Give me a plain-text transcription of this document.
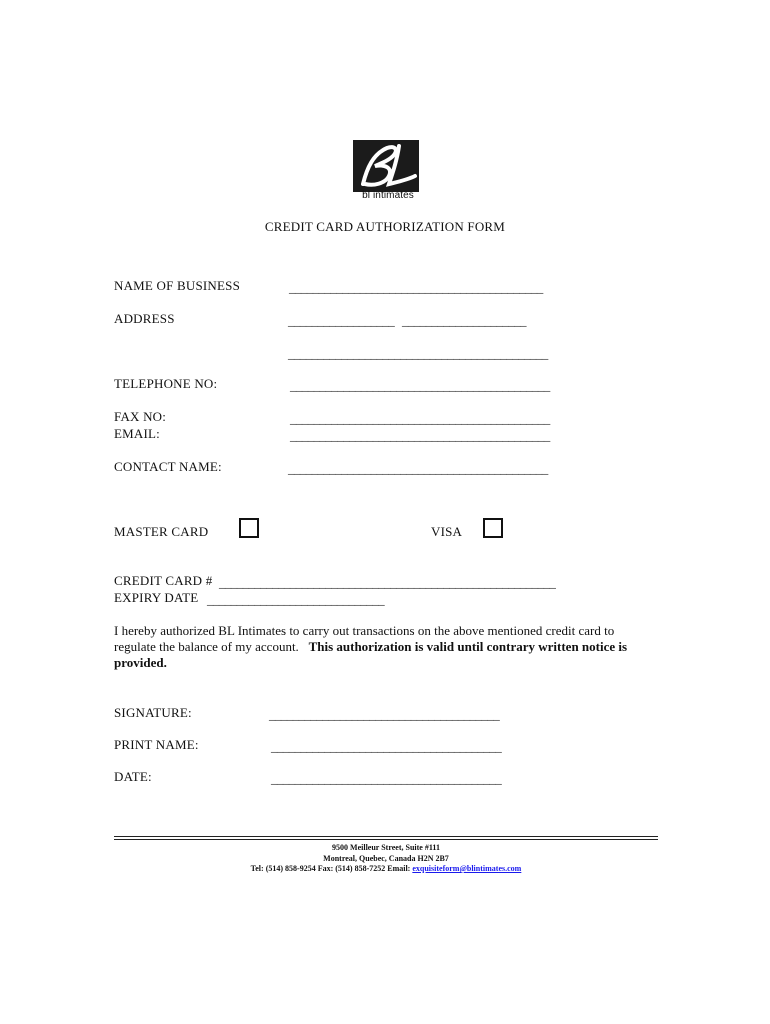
bl intimates
CREDIT CARD AUTHORIZATION FORM
NAME OF BUSINESS	___________________________________________
ADDRESS	__________________ _____________________
____________________________________________
TELEPHONE NO:	____________________________________________
FAX NO:	____________________________________________
EMAIL:	____________________________________________
CONTACT NAME:	____________________________________________
MASTER CARD	VISA
CREDIT CARD # _________________________________________________________
EXPIRY DATE ______________________________
I hereby authorized BL Intimates to carry out transactions on the above mentioned credit card to regulate the balance of my account. This authorization is valid until contrary written notice is provided.
SIGNATURE:	_______________________________________
PRINT NAME:	_______________________________________
DATE:	_______________________________________
9500 Meilleur Street, Suite #111
Montreal, Quebec, Canada H2N 2B7
Tel: (514) 858-9254 Fax: (514) 858-7252 Email: exquisiteform@blintimates.com
